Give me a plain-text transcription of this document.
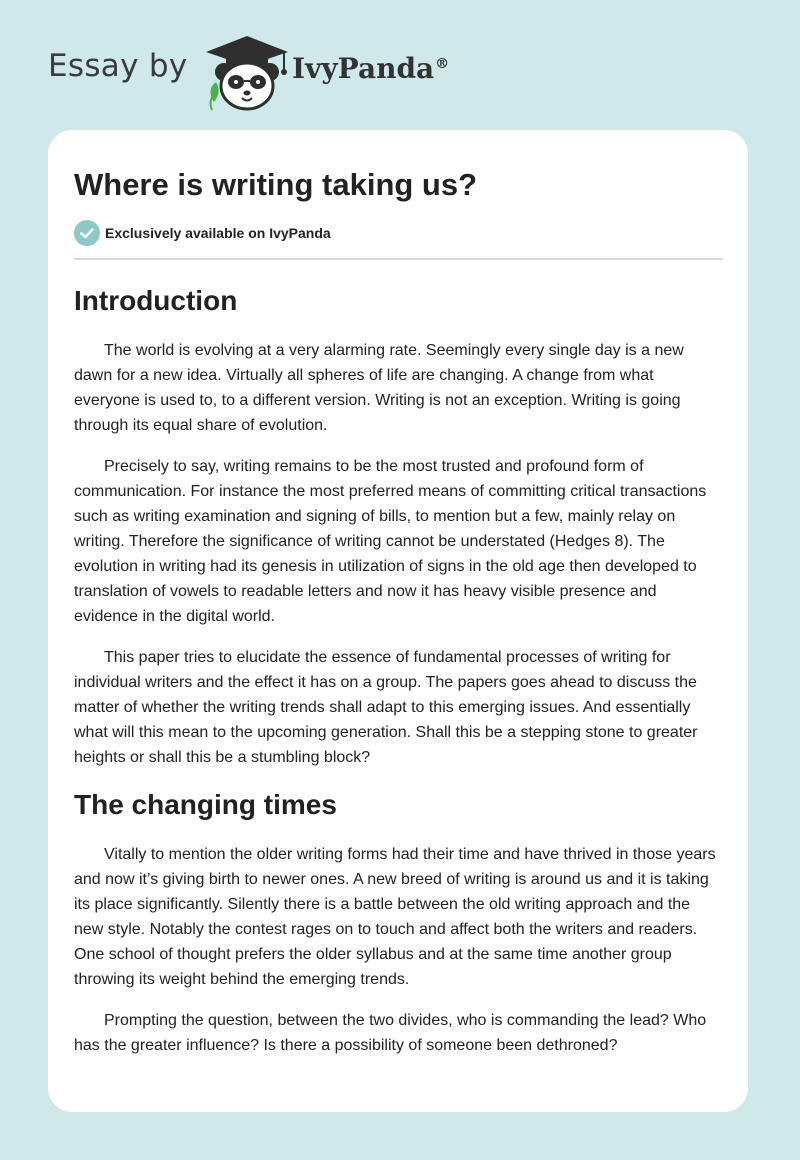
Essay by	IvyPanda®
Where is writing taking us?
Exclusively available on IvyPanda
Introduction

The world is evolving at a very alarming rate. Seemingly every single day is a new dawn for a new idea. Virtually all spheres of life are changing. A change from what everyone is used to, to a different version. Writing is not an exception. Writing is going through its equal share of evolution.

Precisely to say, writing remains to be the most trusted and profound form of communication. For instance the most preferred means of committing critical transactions such as writing examination and signing of bills, to mention but a few, mainly relay on writing. Therefore the significance of writing cannot be understated (Hedges 8). The evolution in writing had its genesis in utilization of signs in the old age then developed to translation of vowels to readable letters and now it has heavy visible presence and evidence in the digital world.

This paper tries to elucidate the essence of fundamental processes of writing for individual writers and the effect it has on a group. The papers goes ahead to discuss the matter of whether the writing trends shall adapt to this emerging issues. And essentially what will this mean to the upcoming generation. Shall this be a stepping stone to greater heights or shall this be a stumbling block?

The changing times

Vitally to mention the older writing forms had their time and have thrived in those years and now it’s giving birth to newer ones. A new breed of writing is around us and it is taking its place significantly. Silently there is a battle between the old writing approach and the new style. Notably the contest rages on to touch and affect both the writers and readers. One school of thought prefers the older syllabus and at the same time another group throwing its weight behind the emerging trends.

Prompting the question, between the two divides, who is commanding the lead? Who has the greater influence? Is there a possibility of someone been dethroned?
